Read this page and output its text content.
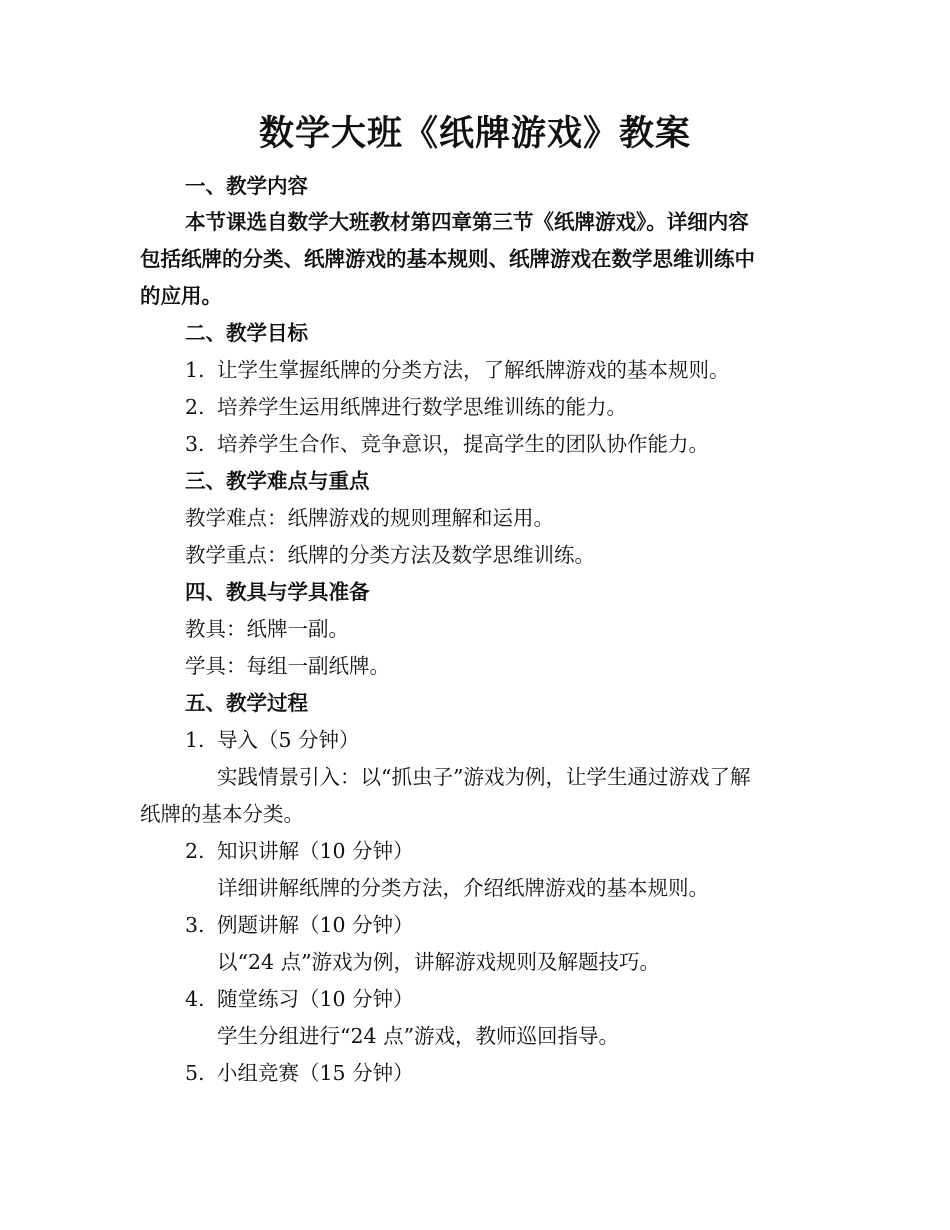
数学大班《纸牌游戏》教案
一、教学内容
本节课选自数学大班教材第四章第三节《纸牌游戏》。详细内容
包括纸牌的分类、纸牌游戏的基本规则、纸牌游戏在数学思维训练中
的应用。
二、教学目标
1. 让学生掌握纸牌的分类方法，了解纸牌游戏的基本规则。
2. 培养学生运用纸牌进行数学思维训练的能力。
3. 培养学生合作、竞争意识，提高学生的团队协作能力。
三、教学难点与重点
教学难点：纸牌游戏的规则理解和运用。
教学重点：纸牌的分类方法及数学思维训练。
四、教具与学具准备
教具：纸牌一副。
学具：每组一副纸牌。
五、教学过程
1. 导入（5 分钟）
实践情景引入：以“抓虫子”游戏为例，让学生通过游戏了解
纸牌的基本分类。
2. 知识讲解（10 分钟）
详细讲解纸牌的分类方法，介绍纸牌游戏的基本规则。
3. 例题讲解（10 分钟）
以“24 点”游戏为例，讲解游戏规则及解题技巧。
4. 随堂练习（10 分钟）
学生分组进行“24 点”游戏，教师巡回指导。
5. 小组竞赛（15 分钟）
